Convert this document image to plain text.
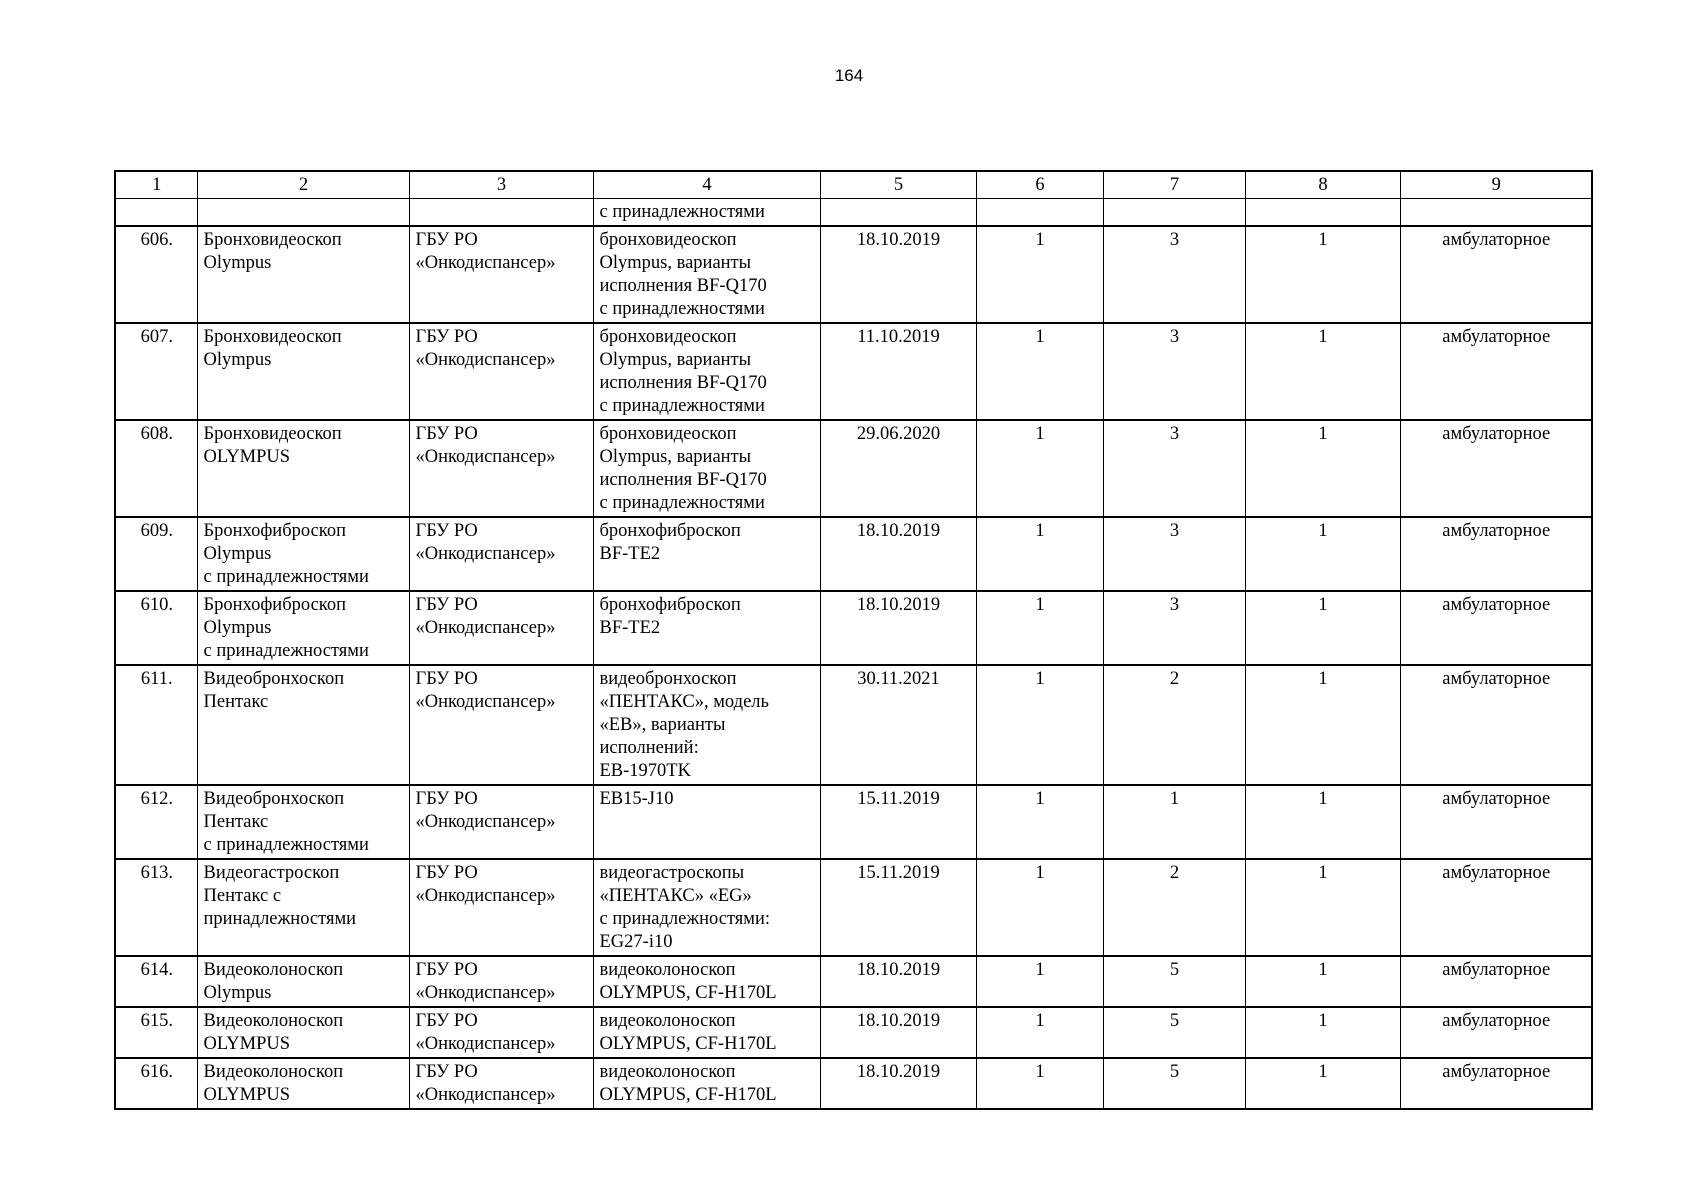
164
1	2	3	4	5	6	7	8	9
			с принадлежностями					
606.	Бронховидеоскоп
Olympus	ГБУ РО
«Онкодиспансер»	бронховидеоскоп
Olympus, варианты
исполнения BF-Q170
с принадлежностями	18.10.2019	1	3	1	амбулаторное
607.	Бронховидеоскоп
Olympus	ГБУ РО
«Онкодиспансер»	бронховидеоскоп
Olympus, варианты
исполнения BF-Q170
с принадлежностями	11.10.2019	1	3	1	амбулаторное
608.	Бронховидеоскоп
OLYMPUS	ГБУ РО
«Онкодиспансер»	бронховидеоскоп
Olympus, варианты
исполнения BF-Q170
с принадлежностями	29.06.2020	1	3	1	амбулаторное
609.	Бронхофиброскоп
Olympus
с принадлежностями	ГБУ РО
«Онкодиспансер»	бронхофиброскоп
BF-TE2	18.10.2019	1	3	1	амбулаторное
610.	Бронхофиброскоп
Olympus
с принадлежностями	ГБУ РО
«Онкодиспансер»	бронхофиброскоп
BF-TE2	18.10.2019	1	3	1	амбулаторное
611.	Видеобронхоскоп
Пентакс	ГБУ РО
«Онкодиспансер»	видеобронхоскоп
«ПЕНТАКС», модель
«EB», варианты
исполнений:
EB-1970TK	30.11.2021	1	2	1	амбулаторное
612.	Видеобронхоскоп
Пентакс
с принадлежностями	ГБУ РО
«Онкодиспансер»	EB15-J10	15.11.2019	1	1	1	амбулаторное
613.	Видеогастроскоп
Пентакс с
принадлежностями	ГБУ РО
«Онкодиспансер»	видеогастроскопы
«ПЕНТАКС» «EG»
с принадлежностями:
EG27-i10	15.11.2019	1	2	1	амбулаторное
614.	Видеоколоноскоп
Olympus	ГБУ РО
«Онкодиспансер»	видеоколоноскоп
OLYMPUS, CF-H170L	18.10.2019	1	5	1	амбулаторное
615.	Видеоколоноскоп
OLYMPUS	ГБУ РО
«Онкодиспансер»	видеоколоноскоп
OLYMPUS, CF-H170L	18.10.2019	1	5	1	амбулаторное
616.	Видеоколоноскоп
OLYMPUS	ГБУ РО
«Онкодиспансер»	видеоколоноскоп
OLYMPUS, CF-H170L	18.10.2019	1	5	1	амбулаторное
